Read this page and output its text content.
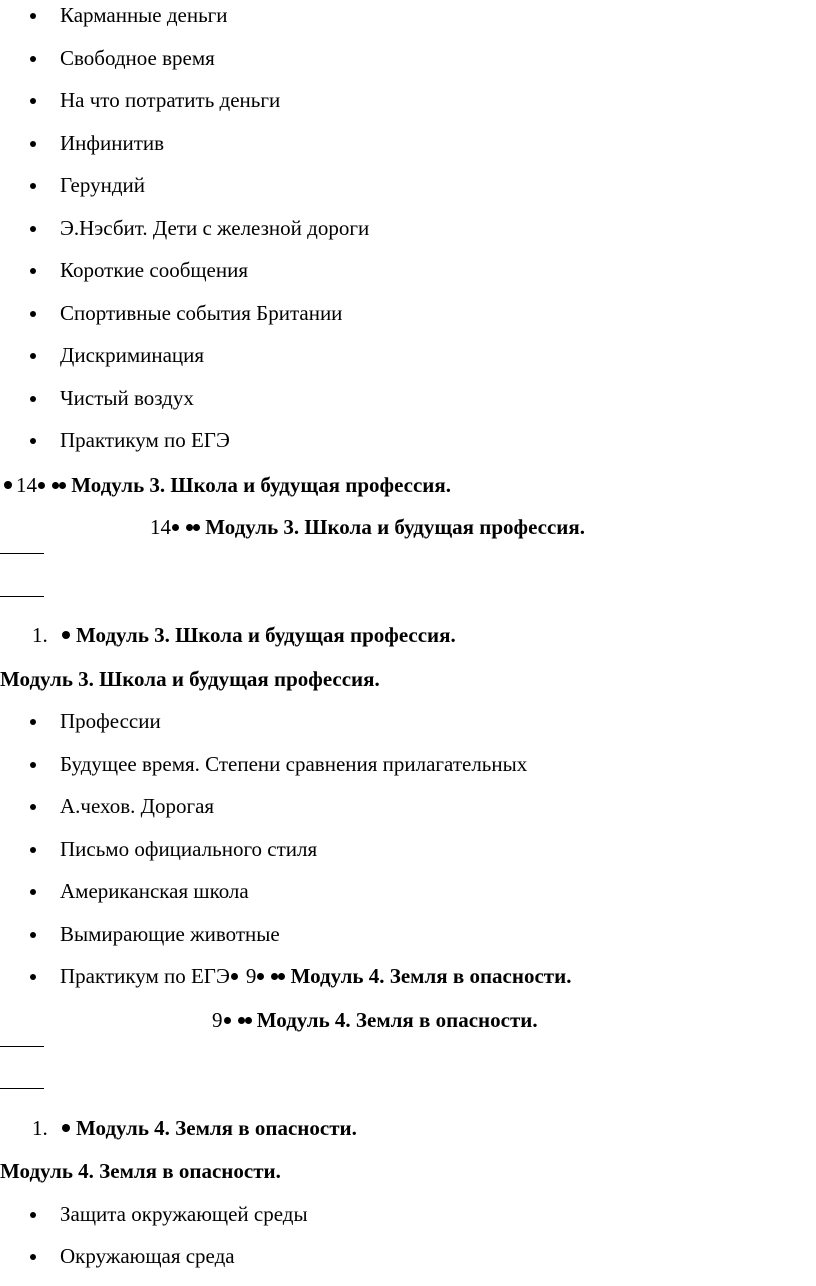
Карманные деньги
Свободное время
На что потратить деньги
Инфинитив
Герундий
Э.Нэсбит. Дети с железной дороги
Короткие сообщения
Спортивные события Британии
Дискриминация
Чистый воздух
Практикум по ЕГЭ
14 Модуль 3. Школа и будущая профессия.
14 Модуль 3. Школа и будущая профессия.
1. Модуль 3. Школа и будущая профессия.
Модуль 3. Школа и будущая профессия.
Профессии
Будущее время. Степени сравнения прилагательных
А.чехов. Дорогая
Письмо официального стиля
Американская школа
Вымирающие животные
Практикум по ЕГЭ 9 Модуль 4. Земля в опасности.
9 Модуль 4. Земля в опасности.
1. Модуль 4. Земля в опасности.
Модуль 4. Земля в опасности.
Защита окружающей среды
Окружающая среда
